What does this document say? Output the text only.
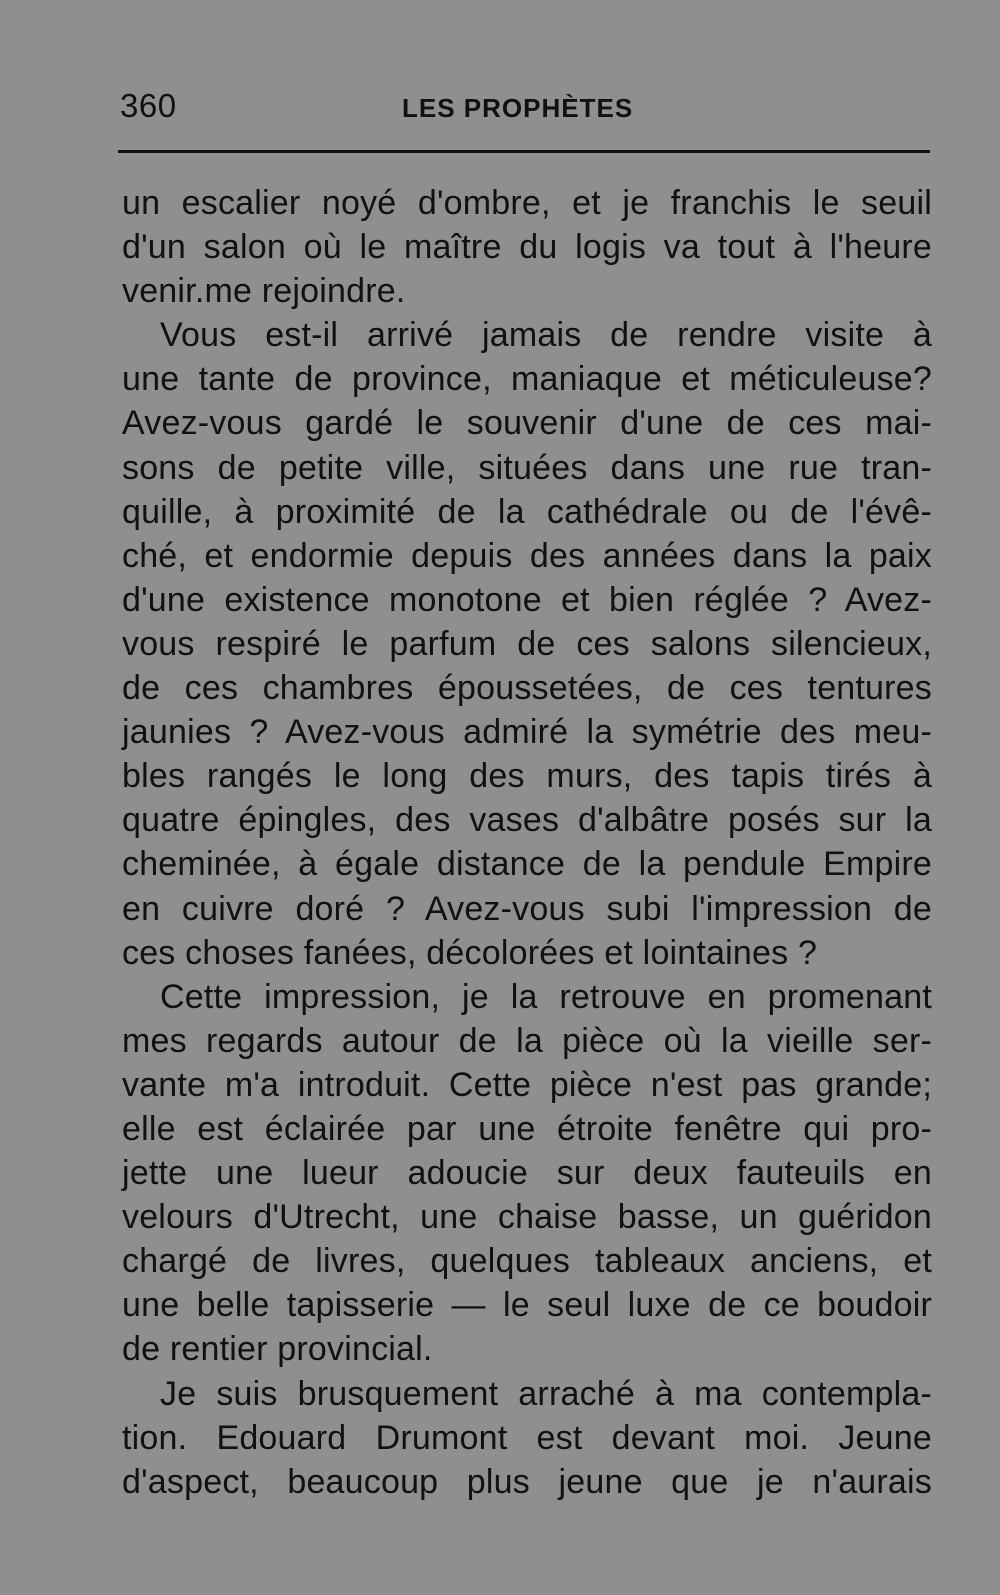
360	LES PROPHÈTES
un escalier noyé d'ombre, et je franchis le seuil
d'un salon où le maître du logis va tout à l'heure
venir.me rejoindre.
Vous est-il arrivé jamais de rendre visite à
une tante de province, maniaque et méticuleuse?
Avez-vous gardé le souvenir d'une de ces mai-
sons de petite ville, situées dans une rue tran-
quille, à proximité de la cathédrale ou de l'évê-
ché, et endormie depuis des années dans la paix
d'une existence monotone et bien réglée ? Avez-
vous respiré le parfum de ces salons silencieux,
de ces chambres époussetées, de ces tentures
jaunies ? Avez-vous admiré la symétrie des meu-
bles rangés le long des murs, des tapis tirés à
quatre épingles, des vases d'albâtre posés sur la
cheminée, à égale distance de la pendule Empire
en cuivre doré ? Avez-vous subi l'impression de
ces choses fanées, décolorées et lointaines ?
Cette impression, je la retrouve en promenant
mes regards autour de la pièce où la vieille ser-
vante m'a introduit. Cette pièce n'est pas grande;
elle est éclairée par une étroite fenêtre qui pro-
jette une lueur adoucie sur deux fauteuils en
velours d'Utrecht, une chaise basse, un guéridon
chargé de livres, quelques tableaux anciens, et
une belle tapisserie — le seul luxe de ce boudoir
de rentier provincial.
Je suis brusquement arraché à ma contempla-
tion. Edouard Drumont est devant moi. Jeune
d'aspect, beaucoup plus jeune que je n'aurais
